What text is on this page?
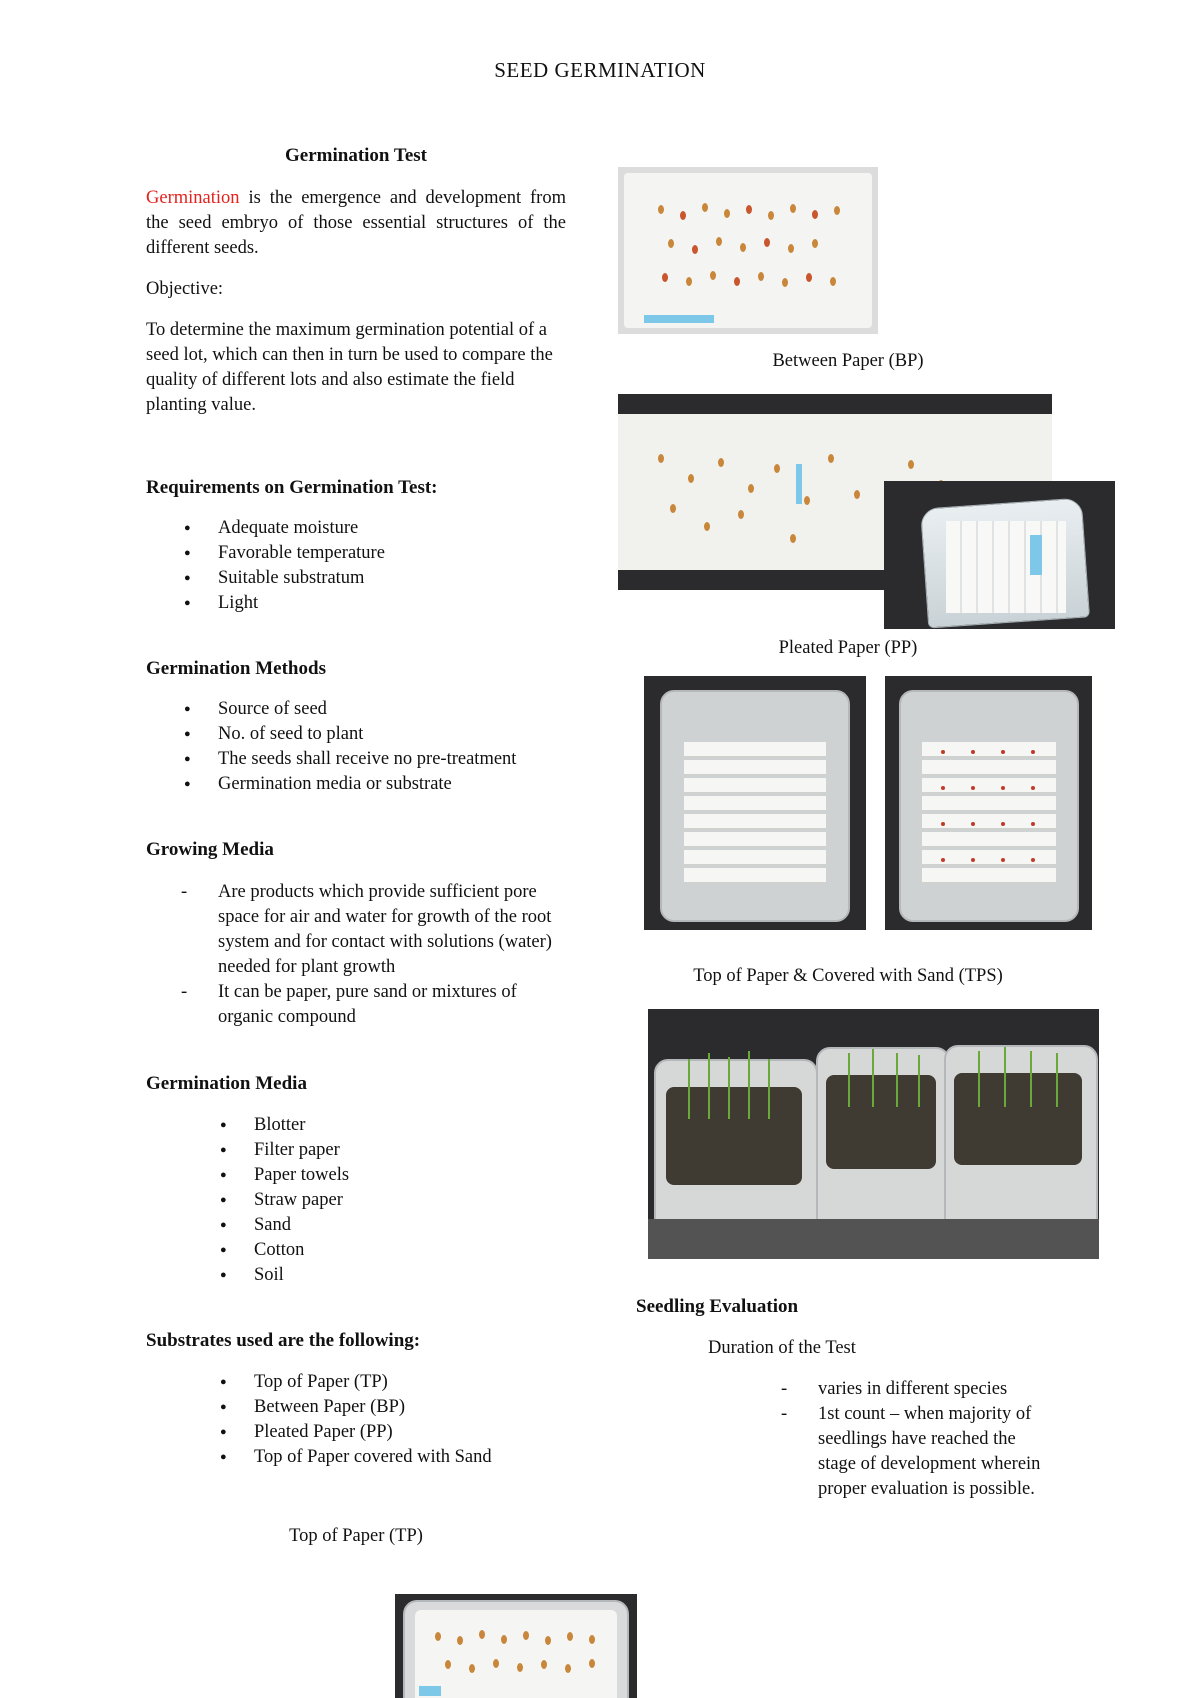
SEED GERMINATION
Germination Test

Germination is the emergence and development from the seed embryo of those essential structures of the different seeds.

Objective:

To determine the maximum germination potential of a seed lot, which can then in turn be used to compare the quality of different lots and also estimate the field planting value.

Requirements on Germination Test:
● Adequate moisture
● Favorable temperature
● Suitable substratum
● Light
Germination Methods
● Source of seed
● No. of seed to plant
● The seeds shall receive no pre-treatment
● Germination media or substrate
Growing Media
- Are products which provide sufficient pore space for air and water for growth of the root system and for contact with solutions (water) needed for plant growth
- It can be paper, pure sand or mixtures of organic compound
Germination Media
● Blotter
● Filter paper
● Paper towels
● Straw paper
● Sand
● Cotton
● Soil
Substrates used are the following:
● Top of Paper (TP)
● Between Paper (BP)
● Pleated Paper (PP)
● Top of Paper covered with Sand
Top of Paper (TP)
Between Paper (BP)
Pleated Paper (PP)
Top of Paper & Covered with Sand (TPS)
Seedling Evaluation
Duration of the Test
- varies in different species
- 1st count – when majority of seedlings have reached the stage of development wherein proper evaluation is possible.
